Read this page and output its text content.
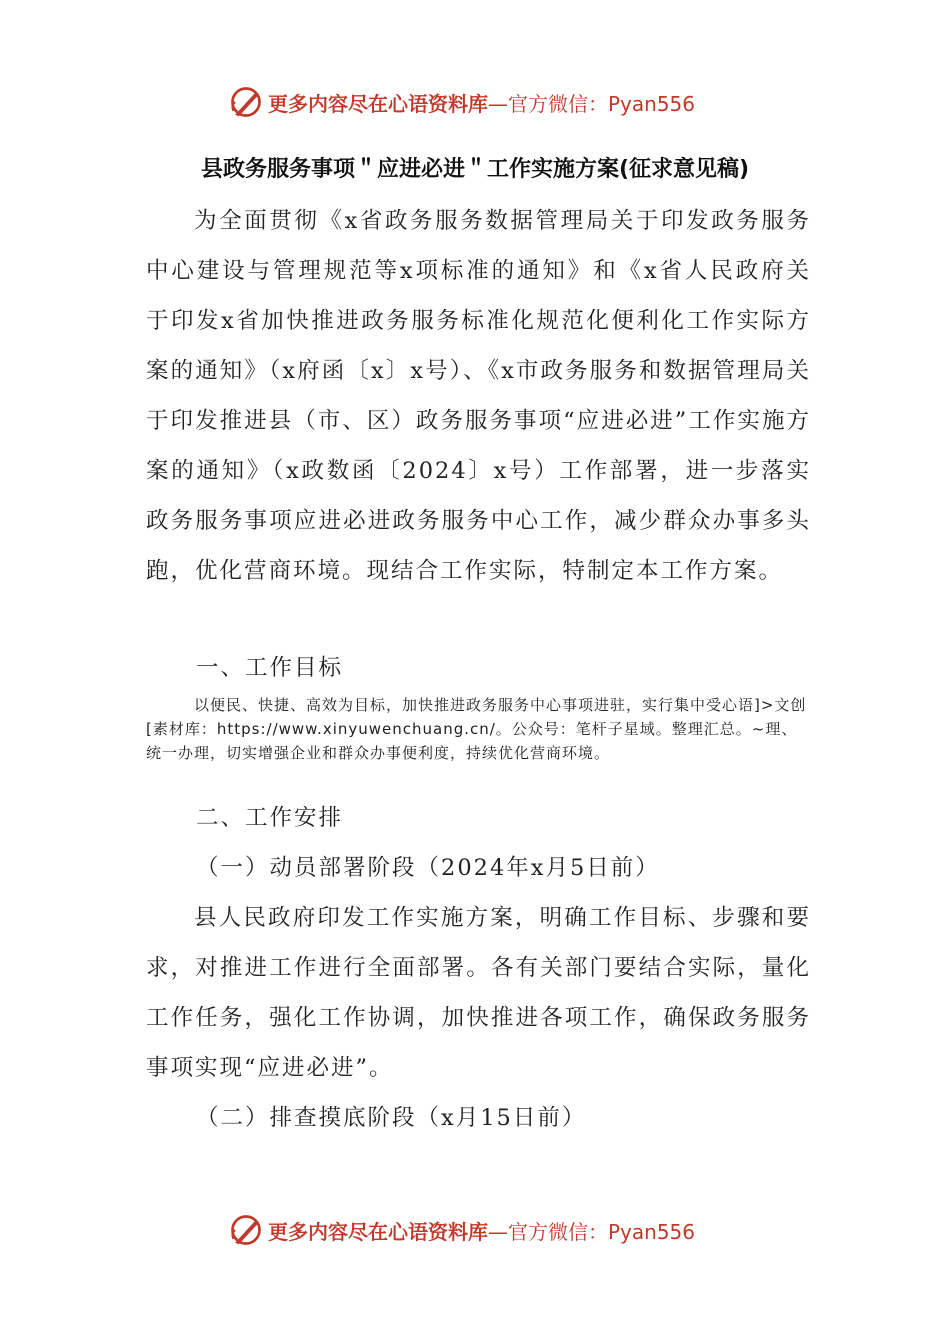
更多内容尽在心语资料库—官方微信：Pyan556
县政务服务事项＂应进必进＂工作实施方案(征求意见稿)
为全面贯彻《x省政务服务数据管理局关于印发政务服务中心建设与管理规范等x项标准的通知》和《x省人民政府关于印发x省加快推进政务服务标准化规范化便利化工作实际方案的通知》（x府函〔x〕x号）、《x市政务服务和数据管理局关于印发推进县（市、区）政务服务事项“应进必进”工作实施方案的通知》（x政数函〔2024〕x号）工作部署，进一步落实政务服务事项应进必进政务服务中心工作，减少群众办事多头跑，优化营商环境。现结合工作实际，特制定本工作方案。
一、工作目标
以便民、快捷、高效为目标，加快推进政务服务中心事项进驻，实行集中受心语]>文创[素材库：https://www.xinyuwenchuang.cn/。公众号：笔杆子星域。整理汇总。~理、统一办理，切实增强企业和群众办事便利度，持续优化营商环境。
二、工作安排
（一）动员部署阶段（2024年x月5日前）
县人民政府印发工作实施方案，明确工作目标、步骤和要求，对推进工作进行全面部署。各有关部门要结合实际，量化工作任务，强化工作协调，加快推进各项工作，确保政务服务事项实现“应进必进”。
（二）排查摸底阶段（x月15日前）
更多内容尽在心语资料库—官方微信：Pyan556
